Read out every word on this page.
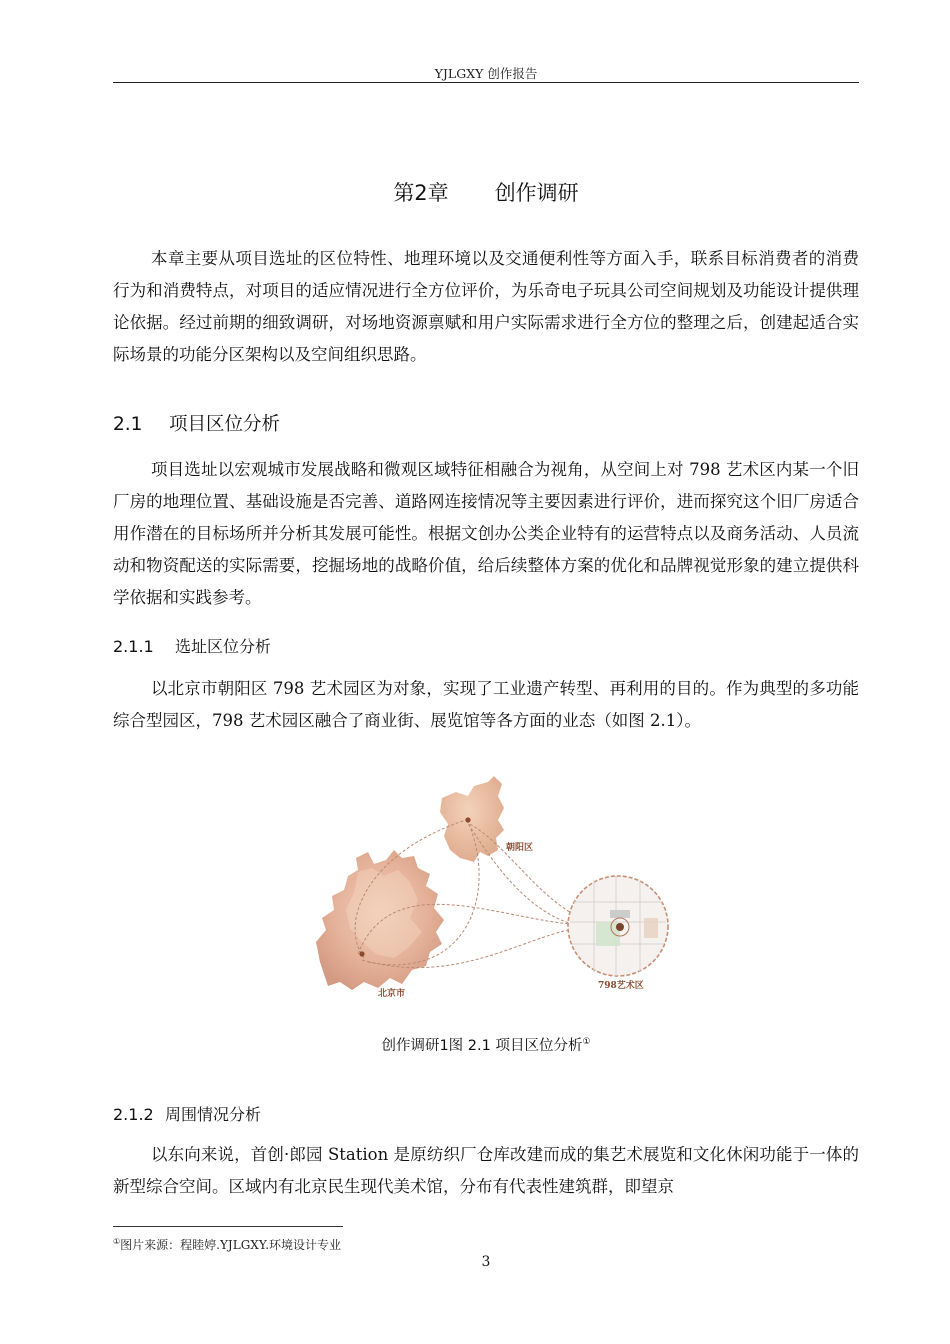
YJLGXY 创作报告
第2章 创作调研

本章主要从项目选址的区位特性、地理环境以及交通便利性等方面入手，联系目标消费者的消费行为和消费特点，对项目的适应情况进行全方位评价，为乐奇电子玩具公司空间规划及功能设计提供理论依据。经过前期的细致调研，对场地资源禀赋和用户实际需求进行全方位的整理之后，创建起适合实际场景的功能分区架构以及空间组织思路。

2.1 项目区位分析

项目选址以宏观城市发展战略和微观区域特征相融合为视角，从空间上对 798 艺术区内某一个旧厂房的地理位置、基础设施是否完善、道路网连接情况等主要因素进行评价，进而探究这个旧厂房适合用作潜在的目标场所并分析其发展可能性。根据文创办公类企业特有的运营特点以及商务活动、人员流动和物资配送的实际需要，挖掘场地的战略价值，给后续整体方案的优化和品牌视觉形象的建立提供科学依据和实践参考。

2.1.1 选址区位分析

以北京市朝阳区 798 艺术园区为对象，实现了工业遗产转型、再利用的目的。作为典型的多功能综合型园区，798 艺术园区融合了商业街、展览馆等各方面的业态（如图 2.1）。

北京市
朝阳区
798艺术区
创作调研1图 2.1 项目区位分析①
2.1.2 周围情况分析

以东向来说，首创·郎园 Station 是原纺织厂仓库改建而成的集艺术展览和文化休闲功能于一体的新型综合空间。区域内有北京民生现代美术馆，分布有代表性建筑群，即望京

①图片来源：程睦婷.YJLGXY.环境设计专业
3
